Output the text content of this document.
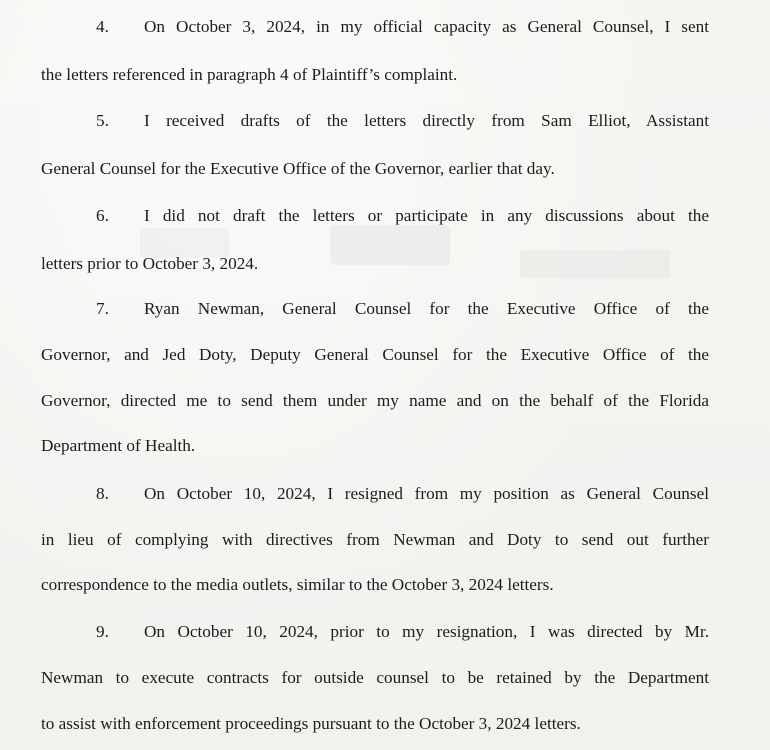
4. On October 3, 2024, in my official capacity as General Counsel, I sent
the letters referenced in paragraph 4 of Plaintiff’s complaint.
5. I received drafts of the letters directly from Sam Elliot, Assistant
General Counsel for the Executive Office of the Governor, earlier that day.
6. I did not draft the letters or participate in any discussions about the
letters prior to October 3, 2024.
7. Ryan Newman, General Counsel for the Executive Office of the
Governor, and Jed Doty, Deputy General Counsel for the Executive Office of the
Governor, directed me to send them under my name and on the behalf of the Florida
Department of Health.
8. On October 10, 2024, I resigned from my position as General Counsel
in lieu of complying with directives from Newman and Doty to send out further
correspondence to the media outlets, similar to the October 3, 2024 letters.
9. On October 10, 2024, prior to my resignation, I was directed by Mr.
Newman to execute contracts for outside counsel to be retained by the Department
to assist with enforcement proceedings pursuant to the October 3, 2024 letters.
